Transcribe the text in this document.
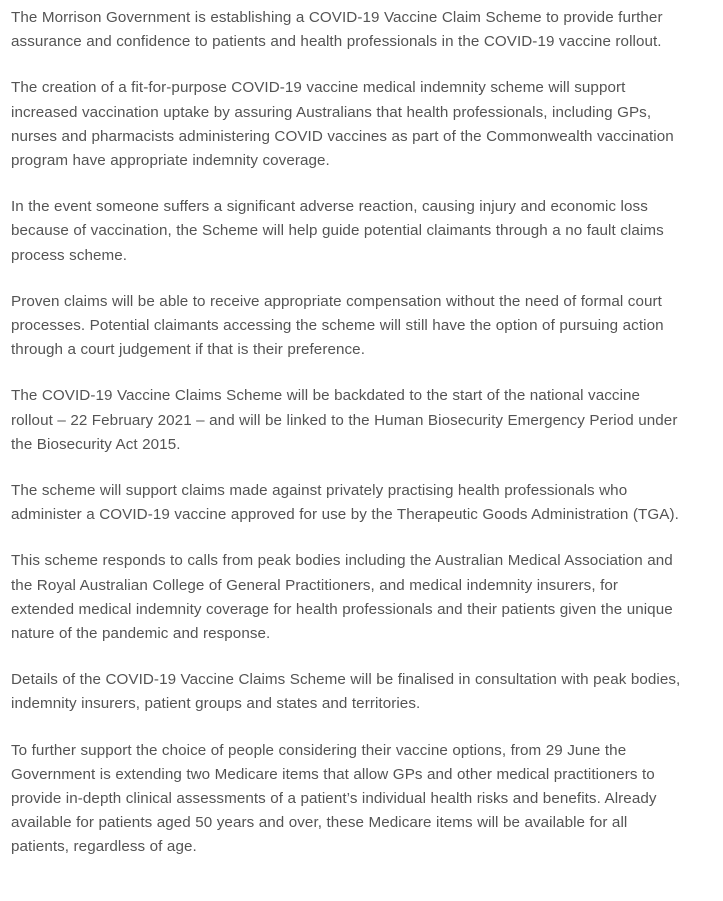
The Morrison Government is establishing a COVID-19 Vaccine Claim Scheme to provide further assurance and confidence to patients and health professionals in the COVID-19 vaccine rollout.

The creation of a fit-for-purpose COVID-19 vaccine medical indemnity scheme will support increased vaccination uptake by assuring Australians that health professionals, including GPs, nurses and pharmacists administering COVID vaccines as part of the Commonwealth vaccination program have appropriate indemnity coverage.

In the event someone suffers a significant adverse reaction, causing injury and economic loss because of vaccination, the Scheme will help guide potential claimants through a no fault claims process scheme.

Proven claims will be able to receive appropriate compensation without the need of formal court processes. Potential claimants accessing the scheme will still have the option of pursuing action through a court judgement if that is their preference.

The COVID-19 Vaccine Claims Scheme will be backdated to the start of the national vaccine rollout – 22 February 2021 – and will be linked to the Human Biosecurity Emergency Period under the Biosecurity Act 2015.

The scheme will support claims made against privately practising health professionals who administer a COVID-19 vaccine approved for use by the Therapeutic Goods Administration (TGA).

This scheme responds to calls from peak bodies including the Australian Medical Association and the Royal Australian College of General Practitioners, and medical indemnity insurers, for extended medical indemnity coverage for health professionals and their patients given the unique nature of the pandemic and response.

Details of the COVID-19 Vaccine Claims Scheme will be finalised in consultation with peak bodies, indemnity insurers, patient groups and states and territories.

To further support the choice of people considering their vaccine options, from 29 June the Government is extending two Medicare items that allow GPs and other medical practitioners to provide in-depth clinical assessments of a patient’s individual health risks and benefits. Already available for patients aged 50 years and over, these Medicare items will be available for all patients, regardless of age.
